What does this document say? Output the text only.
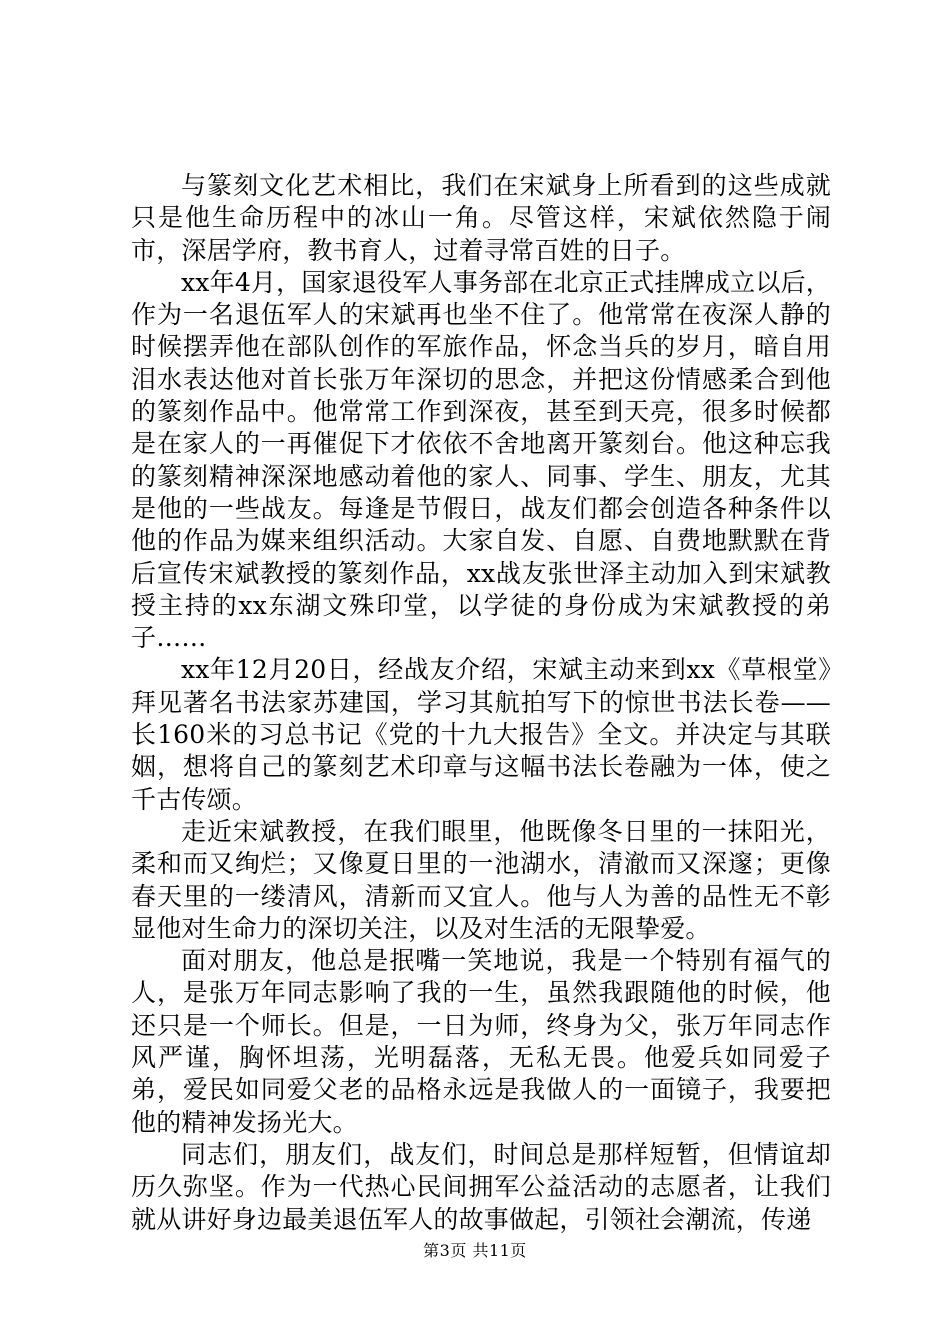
与篆刻文化艺术相比，我们在宋斌身上所看到的这些成就只是他生命历程中的冰山一角。尽管这样，宋斌依然隐于闹市，深居学府，教书育人，过着寻常百姓的日子。

xx年4月，国家退役军人事务部在北京正式挂牌成立以后，作为一名退伍军人的宋斌再也坐不住了。他常常在夜深人静的时候摆弄他在部队创作的军旅作品，怀念当兵的岁月，暗自用泪水表达他对首长张万年深切的思念，并把这份情感柔合到他的篆刻作品中。他常常工作到深夜，甚至到天亮，很多时候都是在家人的一再催促下才依依不舍地离开篆刻台。他这种忘我的篆刻精神深深地感动着他的家人、同事、学生、朋友，尤其是他的一些战友。每逢是节假日，战友们都会创造各种条件以他的作品为媒来组织活动。大家自发、自愿、自费地默默在背后宣传宋斌教授的篆刻作品，xx战友张世泽主动加入到宋斌教授主持的xx东湖文殊印堂，以学徒的身份成为宋斌教授的弟子……

xx年12月20日，经战友介绍，宋斌主动来到xx《草根堂》拜见著名书法家苏建国，学习其航拍写下的惊世书法长卷——长160米的习总书记《党的十九大报告》全文。并决定与其联姻，想将自己的篆刻艺术印章与这幅书法长卷融为一体，使之千古传颂。

走近宋斌教授，在我们眼里，他既像冬日里的一抹阳光，柔和而又绚烂；又像夏日里的一池湖水，清澈而又深邃；更像春天里的一缕清风，清新而又宜人。他与人为善的品性无不彰显他对生命力的深切关注，以及对生活的无限挚爱。

面对朋友，他总是抿嘴一笑地说，我是一个特别有福气的人，是张万年同志影响了我的一生，虽然我跟随他的时候，他还只是一个师长。但是，一日为师，终身为父，张万年同志作风严谨，胸怀坦荡，光明磊落，无私无畏。他爱兵如同爱子弟，爱民如同爱父老的品格永远是我做人的一面镜子，我要把他的精神发扬光大。

同志们，朋友们，战友们，时间总是那样短暂，但情谊却历久弥坚。作为一代热心民间拥军公益活动的志愿者，让我们就从讲好身边最美退伍军人的故事做起，引领社会潮流，传递

第3页 共11页
